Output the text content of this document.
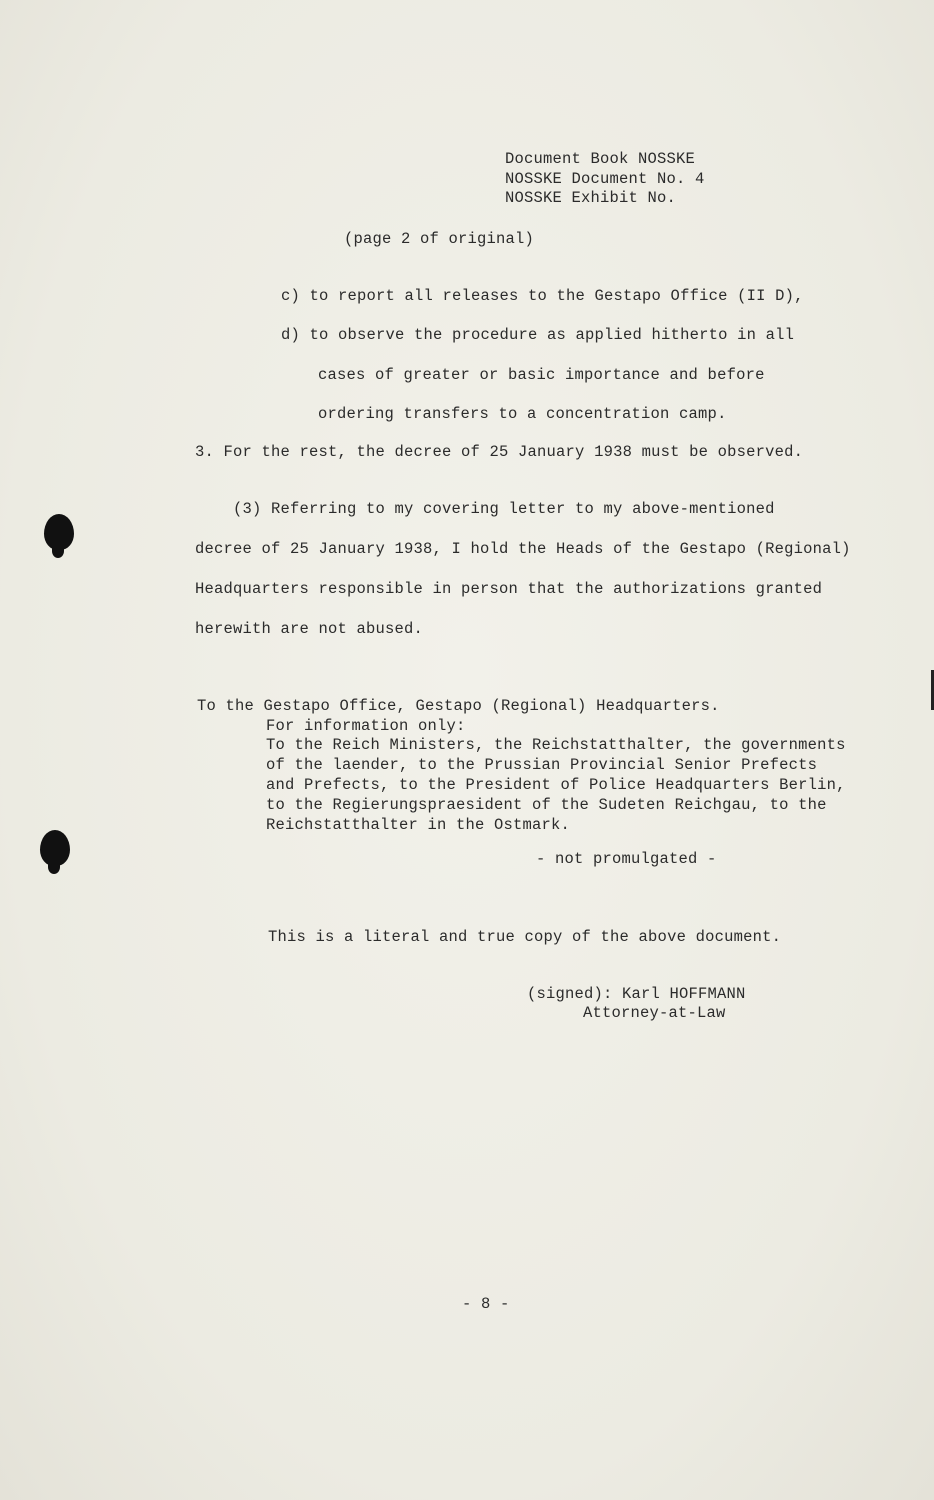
Document Book NOSSKE
NOSSKE Document No. 4
NOSSKE Exhibit No.
(page 2 of original)
c) to report all releases to the Gestapo Office (II D),
d) to observe the procedure as applied hitherto in all
cases of greater or basic importance and before
ordering transfers to a concentration camp.
3. For the rest, the decree of 25 January 1938 must be observed.
(3) Referring to my covering letter to my above-mentioned
decree of 25 January 1938, I hold the Heads of the Gestapo (Regional)
Headquarters responsible in person that the authorizations granted
herewith are not abused.
To the Gestapo Office, Gestapo (Regional) Headquarters.
For information only:
To the Reich Ministers, the Reichstatthalter, the governments
of the laender, to the Prussian Provincial Senior Prefects
and Prefects, to the President of Police Headquarters Berlin,
to the Regierungspraesident of the Sudeten Reichgau, to the
Reichstatthalter in the Ostmark.
- not promulgated -
This is a literal and true copy of the above document.
(signed): Karl HOFFMANN
Attorney-at-Law
- 8 -
